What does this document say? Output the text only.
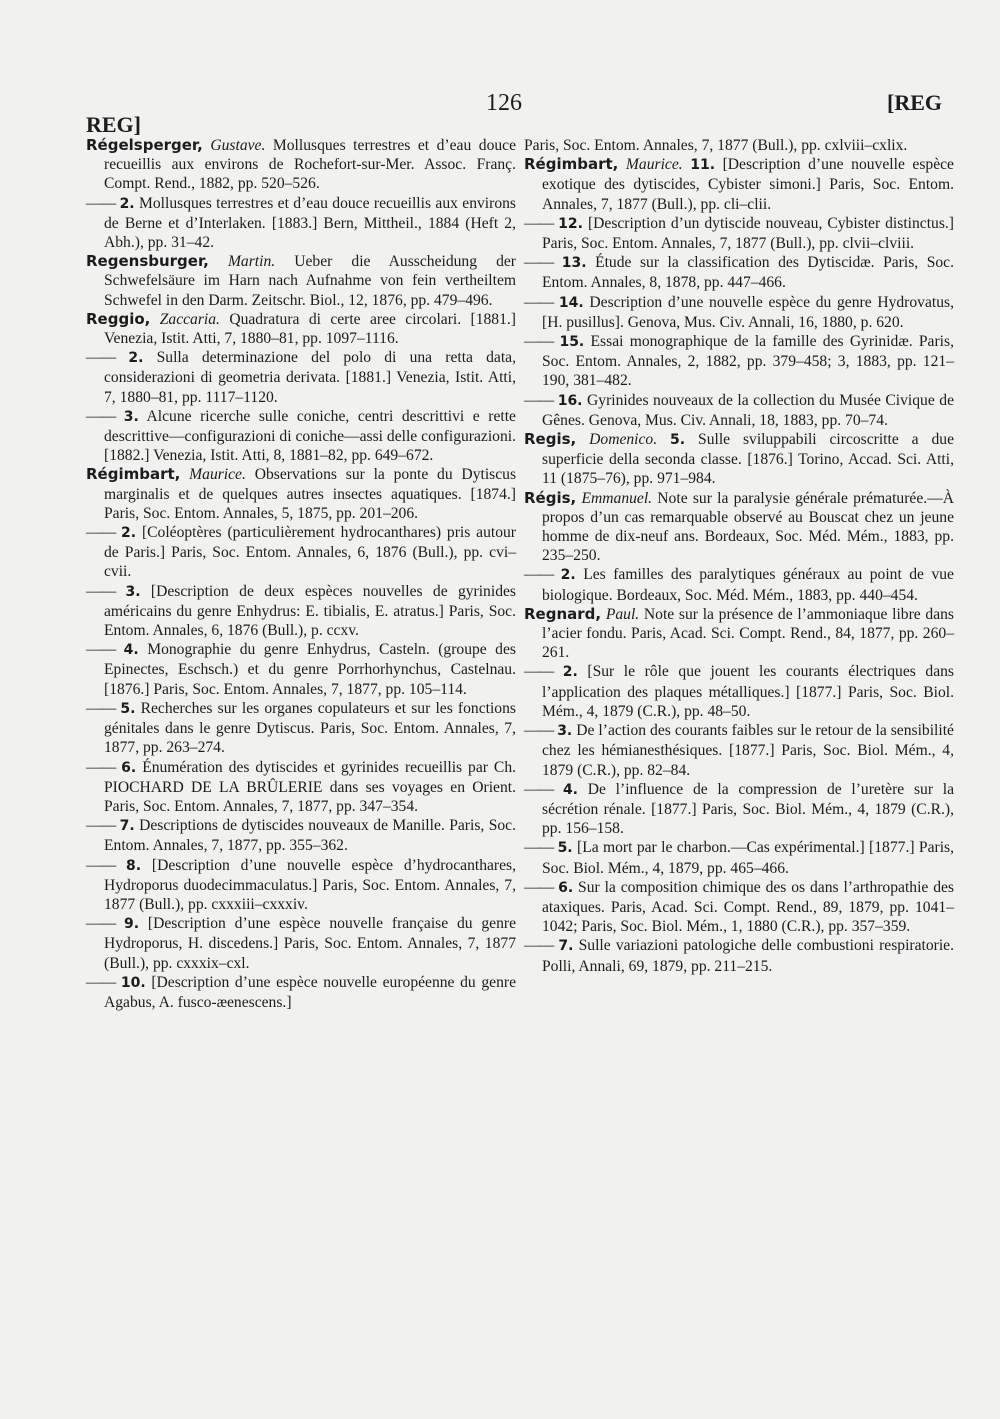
REG]
126	[REG

Régelsperger, Gustave. Mollusques terrestres et d’eau douce recueillis aux environs de Rochefort-sur-Mer. Assoc. Franç. Compt. Rend., 1882, pp. 520–526.

—— 2. Mollusques terrestres et d’eau douce recueillis aux environs de Berne et d’Interlaken. [1883.] Bern, Mittheil., 1884 (Heft 2, Abh.), pp. 31–42.

Regensburger, Martin. Ueber die Ausscheidung der Schwefelsäure im Harn nach Aufnahme von fein vertheiltem Schwefel in den Darm. Zeitschr. Biol., 12, 1876, pp. 479–496.

Reggio, Zaccaria. Quadratura di certe aree circolari. [1881.] Venezia, Istit. Atti, 7, 1880–81, pp. 1097–1116.

—— 2. Sulla determinazione del polo di una retta data, considerazioni di geometria derivata. [1881.] Venezia, Istit. Atti, 7, 1880–81, pp. 1117–1120.

—— 3. Alcune ricerche sulle coniche, centri descrittivi e rette descrittive—configurazioni di coniche—assi delle configurazioni. [1882.] Venezia, Istit. Atti, 8, 1881–82, pp. 649–672.

Régimbart, Maurice. Observations sur la ponte du Dytiscus marginalis et de quelques autres insectes aquatiques. [1874.] Paris, Soc. Entom. Annales, 5, 1875, pp. 201–206.

—— 2. [Coléoptères (particulièrement hydrocanthares) pris autour de Paris.] Paris, Soc. Entom. Annales, 6, 1876 (Bull.), pp. cvi–cvii.

—— 3. [Description de deux espèces nouvelles de gyrinides américains du genre Enhydrus: E. tibialis, E. atratus.] Paris, Soc. Entom. Annales, 6, 1876 (Bull.), p. ccxv.

—— 4. Monographie du genre Enhydrus, Casteln. (groupe des Epinectes, Eschsch.) et du genre Porrhorhynchus, Castelnau. [1876.] Paris, Soc. Entom. Annales, 7, 1877, pp. 105–114.

—— 5. Recherches sur les organes copulateurs et sur les fonctions génitales dans le genre Dytiscus. Paris, Soc. Entom. Annales, 7, 1877, pp. 263–274.

—— 6. Énumération des dytiscides et gyrinides recueillis par Ch. PIOCHARD DE LA BRÛLERIE dans ses voyages en Orient. Paris, Soc. Entom. Annales, 7, 1877, pp. 347–354.

—— 7. Descriptions de dytiscides nouveaux de Manille. Paris, Soc. Entom. Annales, 7, 1877, pp. 355–362.

—— 8. [Description d’une nouvelle espèce d’hydrocanthares, Hydroporus duodecimmaculatus.] Paris, Soc. Entom. Annales, 7, 1877 (Bull.), pp. cxxxiii–cxxxiv.

—— 9. [Description d’une espèce nouvelle française du genre Hydroporus, H. discedens.] Paris, Soc. Entom. Annales, 7, 1877 (Bull.), pp. cxxxix–cxl.

—— 10. [Description d’une espèce nouvelle européenne du genre Agabus, A. fusco-æenescens.]

Paris, Soc. Entom. Annales, 7, 1877 (Bull.), pp. cxlviii–cxlix.

Régimbart, Maurice. 11. [Description d’une nouvelle espèce exotique des dytiscides, Cybister simoni.] Paris, Soc. Entom. Annales, 7, 1877 (Bull.), pp. cli–clii.

—— 12. [Description d’un dytiscide nouveau, Cybister distinctus.] Paris, Soc. Entom. Annales, 7, 1877 (Bull.), pp. clvii–clviii.

—— 13. Étude sur la classification des Dytiscidæ. Paris, Soc. Entom. Annales, 8, 1878, pp. 447–466.

—— 14. Description d’une nouvelle espèce du genre Hydrovatus, [H. pusillus]. Genova, Mus. Civ. Annali, 16, 1880, p. 620.

—— 15. Essai monographique de la famille des Gyrinidæ. Paris, Soc. Entom. Annales, 2, 1882, pp. 379–458; 3, 1883, pp. 121–190, 381–482.

—— 16. Gyrinides nouveaux de la collection du Musée Civique de Gênes. Genova, Mus. Civ. Annali, 18, 1883, pp. 70–74.

Regis, Domenico. 5. Sulle sviluppabili circoscritte a due superficie della seconda classe. [1876.] Torino, Accad. Sci. Atti, 11 (1875–76), pp. 971–984.

Régis, Emmanuel. Note sur la paralysie générale prématurée.—À propos d’un cas remarquable observé au Bouscat chez un jeune homme de dix-neuf ans. Bordeaux, Soc. Méd. Mém., 1883, pp. 235–250.

—— 2. Les familles des paralytiques généraux au point de vue biologique. Bordeaux, Soc. Méd. Mém., 1883, pp. 440–454.

Regnard, Paul. Note sur la présence de l’ammoniaque libre dans l’acier fondu. Paris, Acad. Sci. Compt. Rend., 84, 1877, pp. 260–261.

—— 2. [Sur le rôle que jouent les courants électriques dans l’application des plaques métalliques.] [1877.] Paris, Soc. Biol. Mém., 4, 1879 (C.R.), pp. 48–50.

—— 3. De l’action des courants faibles sur le retour de la sensibilité chez les hémianesthésiques. [1877.] Paris, Soc. Biol. Mém., 4, 1879 (C.R.), pp. 82–84.

—— 4. De l’influence de la compression de l’uretère sur la sécrétion rénale. [1877.] Paris, Soc. Biol. Mém., 4, 1879 (C.R.), pp. 156–158.

—— 5. [La mort par le charbon.—Cas expérimental.] [1877.] Paris, Soc. Biol. Mém., 4, 1879, pp. 465–466.

—— 6. Sur la composition chimique des os dans l’arthropathie des ataxiques. Paris, Acad. Sci. Compt. Rend., 89, 1879, pp. 1041–1042; Paris, Soc. Biol. Mém., 1, 1880 (C.R.), pp. 357–359.

—— 7. Sulle variazioni patologiche delle combustioni respiratorie. Polli, Annali, 69, 1879, pp. 211–215.
